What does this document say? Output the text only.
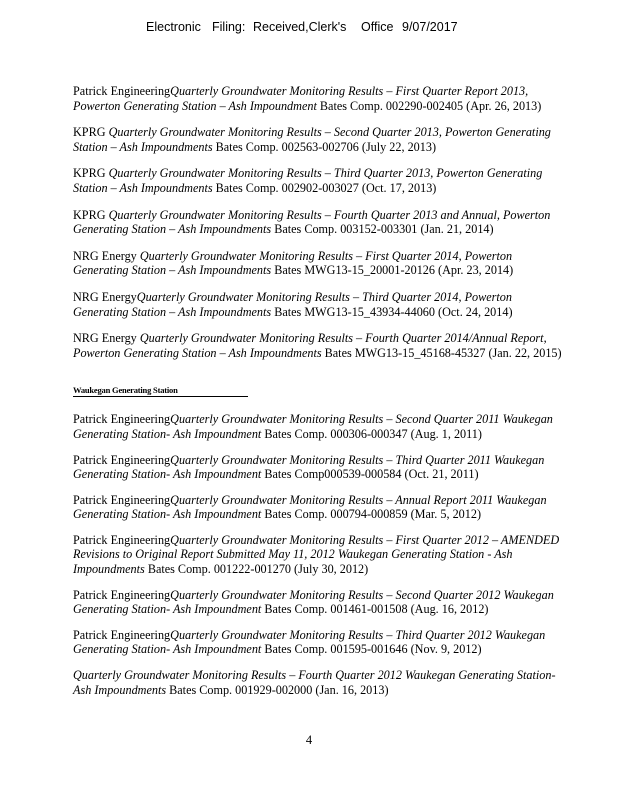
Electronic Filing: Received,Clerk's Office 9/07/2017

Patrick EngineeringQuarterly Groundwater Monitoring Results – First Quarter Report 2013, Powerton Generating Station – Ash Impoundment Bates Comp. 002290-002405 (Apr. 26, 2013)

KPRG Quarterly Groundwater Monitoring Results – Second Quarter 2013, Powerton Generating Station – Ash Impoundments Bates Comp. 002563-002706 (July 22, 2013)

KPRG Quarterly Groundwater Monitoring Results – Third Quarter 2013, Powerton Generating Station – Ash Impoundments Bates Comp. 002902-003027 (Oct. 17, 2013)

KPRG Quarterly Groundwater Monitoring Results – Fourth Quarter 2013 and Annual, Powerton Generating Station – Ash Impoundments Bates Comp. 003152-003301 (Jan. 21, 2014)

NRG Energy Quarterly Groundwater Monitoring Results – First Quarter 2014, Powerton Generating Station – Ash Impoundments Bates MWG13-15_20001-20126 (Apr. 23, 2014)

NRG EnergyQuarterly Groundwater Monitoring Results – Third Quarter 2014, Powerton Generating Station – Ash Impoundments Bates MWG13-15_43934-44060 (Oct. 24, 2014)

NRG Energy Quarterly Groundwater Monitoring Results – Fourth Quarter 2014/Annual Report, Powerton Generating Station – Ash Impoundments Bates MWG13-15_45168-45327 (Jan. 22, 2015)

Waukegan Generating Station

Patrick EngineeringQuarterly Groundwater Monitoring Results – Second Quarter 2011 Waukegan Generating Station- Ash Impoundment Bates Comp. 000306-000347 (Aug. 1, 2011)

Patrick EngineeringQuarterly Groundwater Monitoring Results – Third Quarter 2011 Waukegan Generating Station- Ash Impoundment Bates Comp000539-000584 (Oct. 21, 2011)

Patrick EngineeringQuarterly Groundwater Monitoring Results – Annual Report 2011 Waukegan Generating Station- Ash Impoundment Bates Comp. 000794-000859 (Mar. 5, 2012)

Patrick EngineeringQuarterly Groundwater Monitoring Results – First Quarter 2012 – AMENDED Revisions to Original Report Submitted May 11, 2012 Waukegan Generating Station - Ash Impoundments Bates Comp. 001222-001270 (July 30, 2012)

Patrick EngineeringQuarterly Groundwater Monitoring Results – Second Quarter 2012 Waukegan Generating Station- Ash Impoundment Bates Comp. 001461-001508 (Aug. 16, 2012)

Patrick EngineeringQuarterly Groundwater Monitoring Results – Third Quarter 2012 Waukegan Generating Station- Ash Impoundment Bates Comp. 001595-001646 (Nov. 9, 2012)

Quarterly Groundwater Monitoring Results – Fourth Quarter 2012 Waukegan Generating Station- Ash Impoundments Bates Comp. 001929-002000 (Jan. 16, 2013)

4
